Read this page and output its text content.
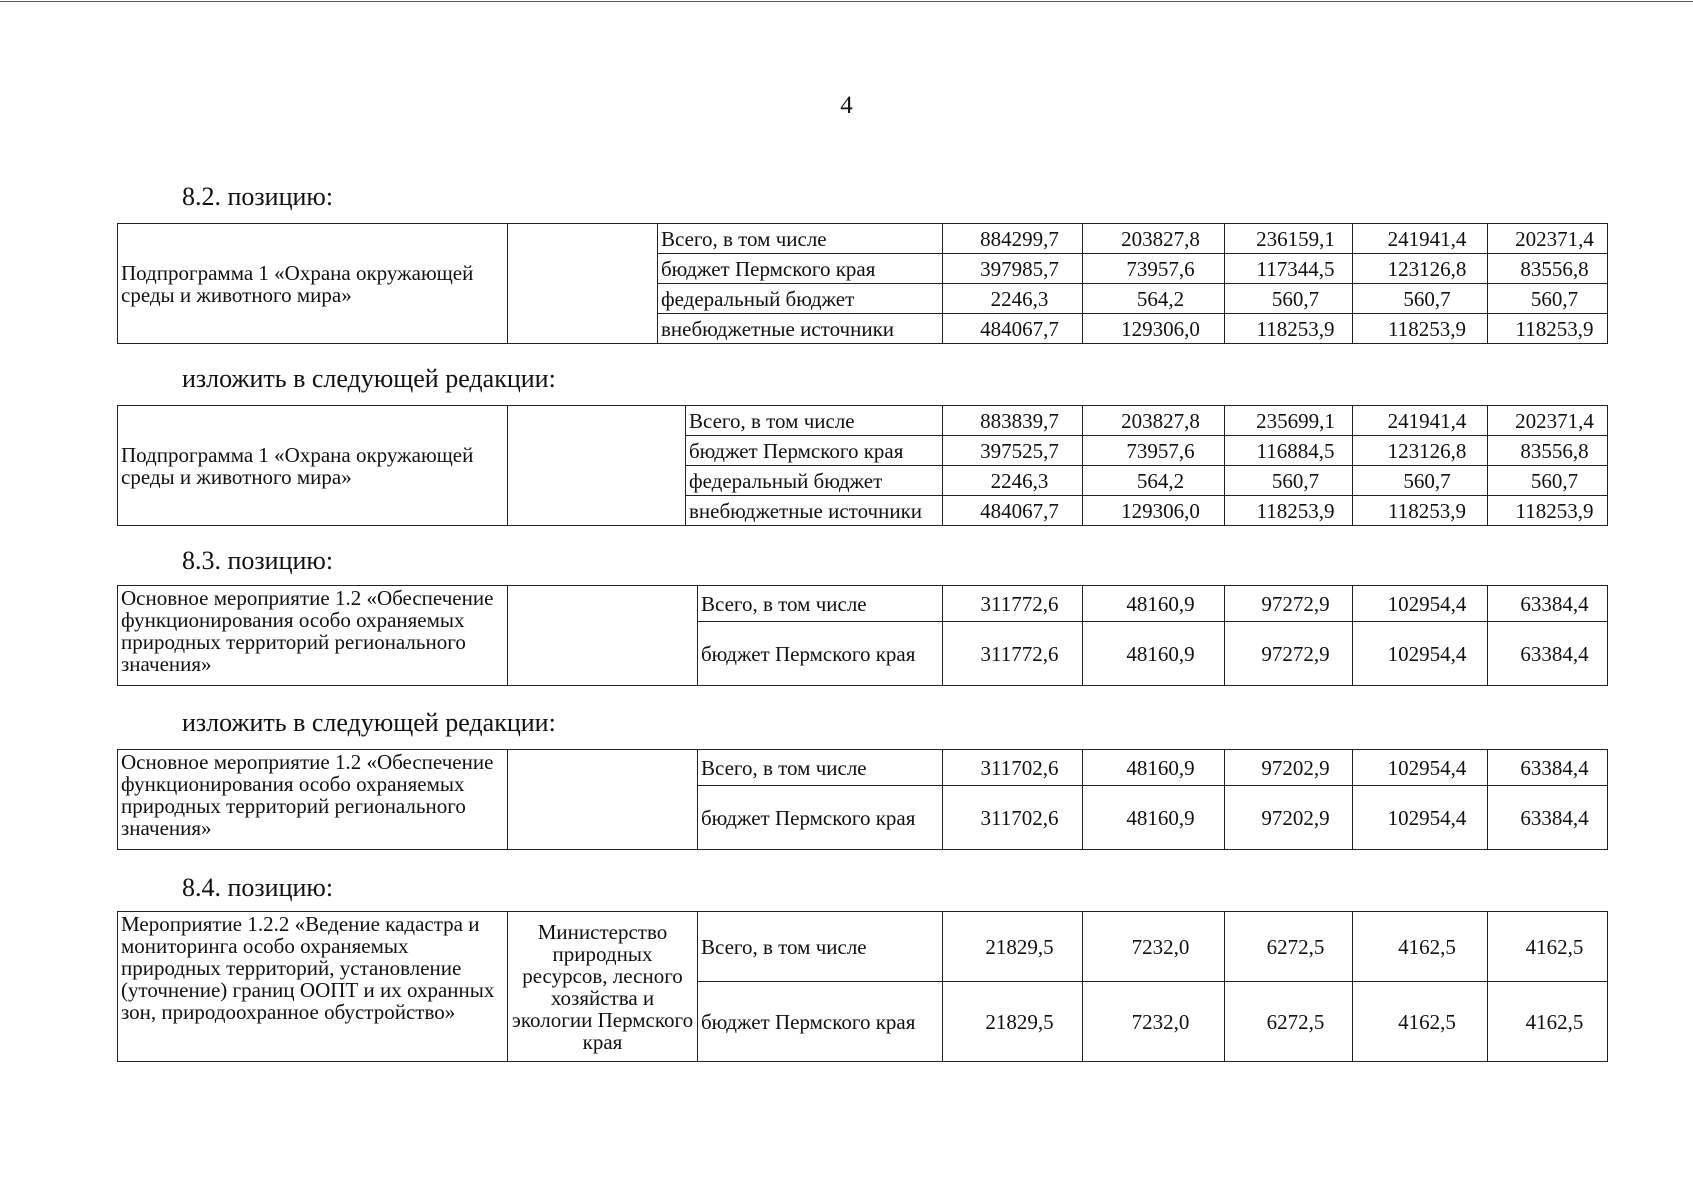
4
8.2. позицию:
Подпрограмма 1 «Охрана окружающей среды и животного мира»		Всего, в том числе	884299,7	203827,8	236159,1	241941,4	202371,4
		бюджет Пермского края	397985,7	73957,6	117344,5	123126,8	83556,8
		федеральный бюджет	2246,3	564,2	560,7	560,7	560,7
		внебюджетные источники	484067,7	129306,0	118253,9	118253,9	118253,9
изложить в следующей редакции:
Подпрограмма 1 «Охрана окружающей среды и животного мира»		Всего, в том числе	883839,7	203827,8	235699,1	241941,4	202371,4
		бюджет Пермского края	397525,7	73957,6	116884,5	123126,8	83556,8
		федеральный бюджет	2246,3	564,2	560,7	560,7	560,7
		внебюджетные источники	484067,7	129306,0	118253,9	118253,9	118253,9
8.3. позицию:
Основное мероприятие 1.2 «Обеспечение функционирования особо охраняемых природных территорий регионального значения»		Всего, в том числе	311772,6	48160,9	97272,9	102954,4	63384,4
		бюджет Пермского края	311772,6	48160,9	97272,9	102954,4	63384,4
изложить в следующей редакции:
Основное мероприятие 1.2 «Обеспечение функционирования особо охраняемых природных территорий регионального значения»		Всего, в том числе	311702,6	48160,9	97202,9	102954,4	63384,4
		бюджет Пермского края	311702,6	48160,9	97202,9	102954,4	63384,4
8.4. позицию:
Мероприятие 1.2.2 «Ведение кадастра и мониторинга особо охраняемых природных территорий, установление (уточнение) границ ООПТ и их охранных зон, природоохранное обустройство»	Министерство природных ресурсов, лесного хозяйства и экологии Пермского края	Всего, в том числе	21829,5	7232,0	6272,5	4162,5	4162,5
		бюджет Пермского края	21829,5	7232,0	6272,5	4162,5	4162,5
